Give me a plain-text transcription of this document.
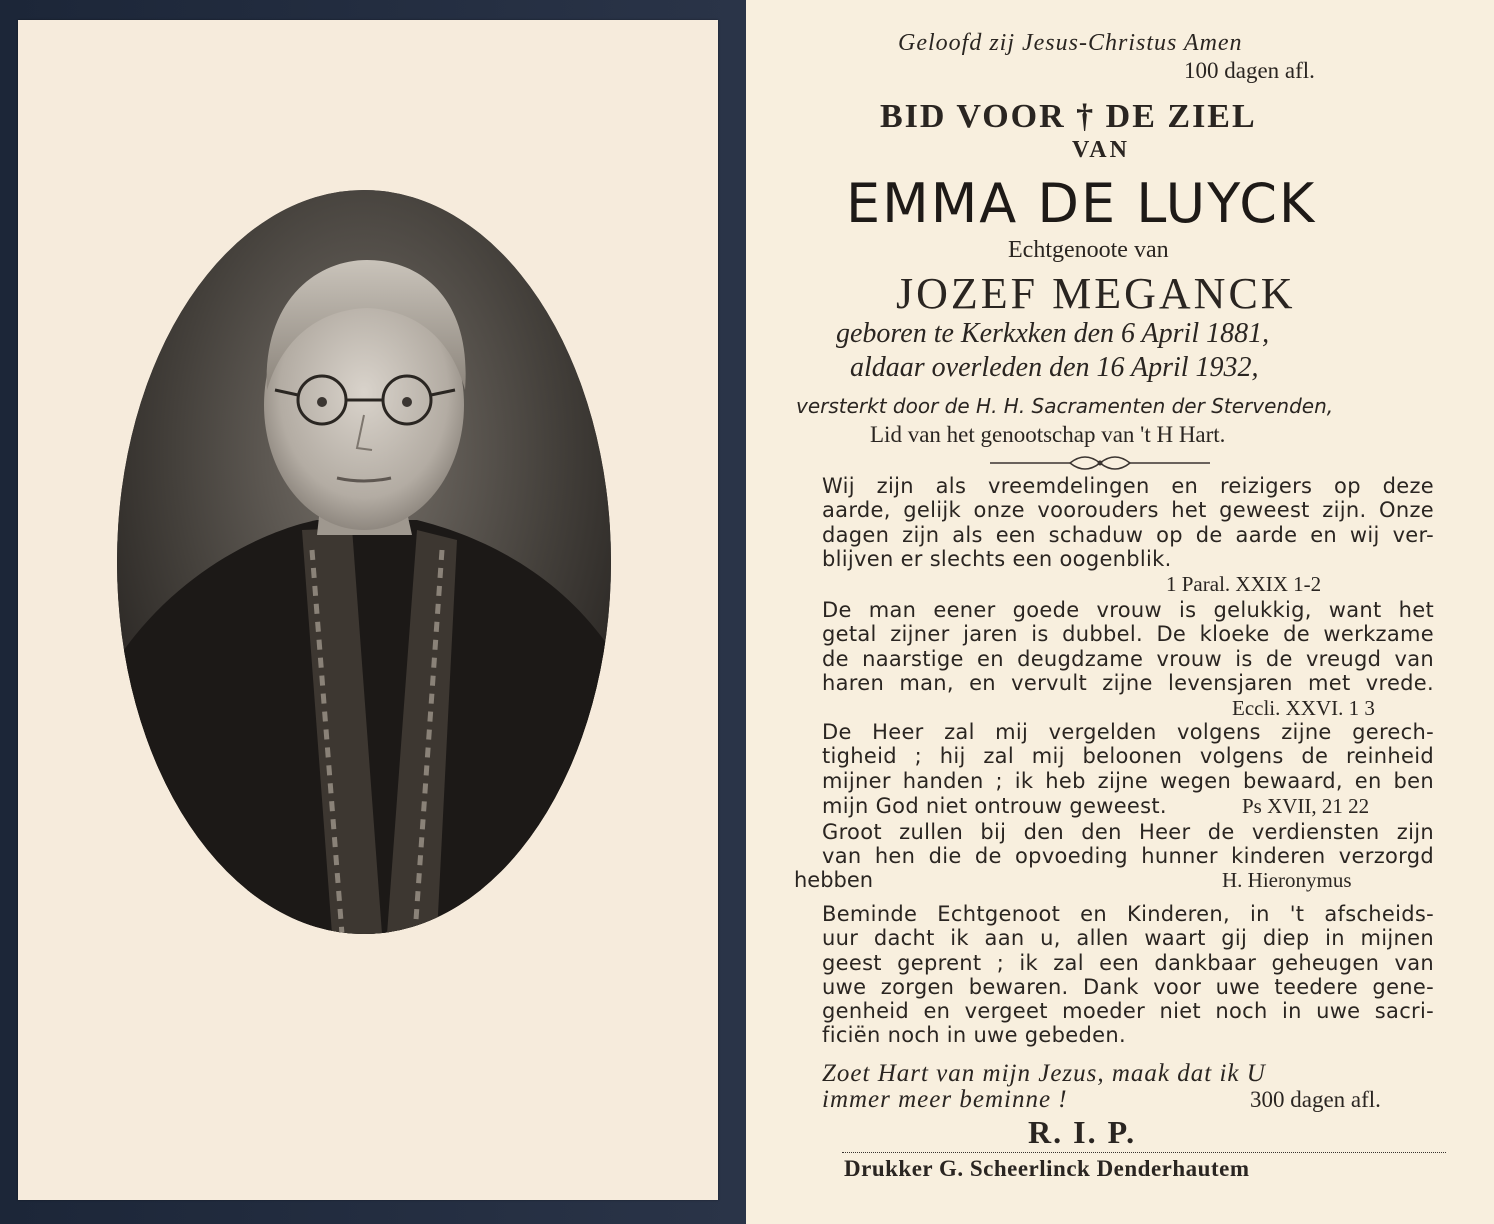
Geloofd zij Jesus-Christus Amen
100 dagen afl.
BID VOOR † DE ZIEL
VAN
EMMA DE LUYCK
Echtgenoote van
JOZEF MEGANCK
geboren te Kerkxken den 6 April 1881,
aldaar overleden den 16 April 1932,
versterkt door de H. H. Sacramenten der Stervenden,
Lid van het genootschap van 't H Hart.
Wij zijn als vreemdelingen en reizigers op deze
aarde, gelijk onze voorouders het geweest zijn. Onze
dagen zijn als een schaduw op de aarde en wij ver-
blijven er slechts een oogenblik.
1 Paral. XXIX 1-2
De man eener goede vrouw is gelukkig, want het
getal zijner jaren is dubbel. De kloeke de werkzame
de naarstige en deugdzame vrouw is de vreugd van
haren man, en vervult zijne levensjaren met vrede.
Eccli. XXVI. 1 3
De Heer zal mij vergelden volgens zijne gerech-
tigheid ; hij zal mij beloonen volgens de reinheid
mijner handen ; ik heb zijne wegen bewaard, en ben
mijn God niet ontrouw geweest.	Ps XVII, 21 22
Groot zullen bij den den Heer de verdiensten zijn
van hen die de opvoeding hunner kinderen verzorgd
hebben	H. Hieronymus
Beminde Echtgenoot en Kinderen, in 't afscheids-
uur dacht ik aan u, allen waart gij diep in mijnen
geest geprent ; ik zal een dankbaar geheugen van
uwe zorgen bewaren. Dank voor uwe teedere gene-
genheid en vergeet moeder niet noch in uwe sacri-
ficiën noch in uwe gebeden.
Zoet Hart van mijn Jezus, maak dat ik U
immer meer beminne !	300 dagen afl.
R. I. P.
Drukker G. Scheerlinck Denderhautem
